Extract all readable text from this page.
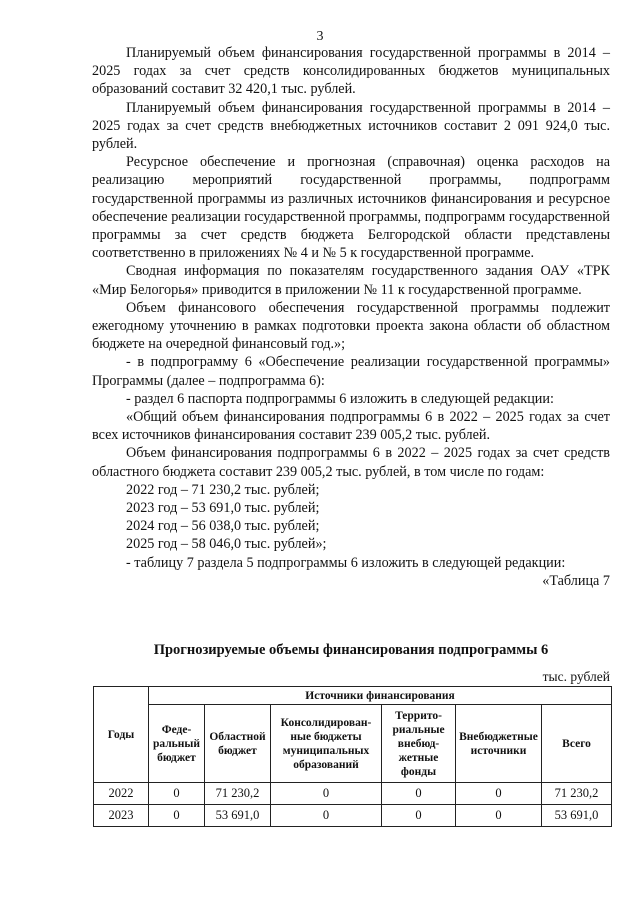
3

Планируемый объем финансирования государственной программы в 2014 – 2025 годах за счет средств консолидированных бюджетов муниципальных образований составит 32 420,1 тыс. рублей.

Планируемый объем финансирования государственной программы в 2014 – 2025 годах за счет средств внебюджетных источников составит 2 091 924,0 тыс. рублей.

Ресурсное обеспечение и прогнозная (справочная) оценка расходов на реализацию мероприятий государственной программы, подпрограмм государственной программы из различных источников финансирования и ресурсное обеспечение реализации государственной программы, подпрограмм государственной программы за счет средств бюджета Белгородской области представлены соответственно в приложениях № 4 и № 5 к государственной программе.

Сводная информация по показателям государственного задания ОАУ «ТРК «Мир Белогорья» приводится в приложении № 11 к государственной программе.

Объем финансового обеспечения государственной программы подлежит ежегодному уточнению в рамках подготовки проекта закона области об областном бюджете на очередной финансовый год.»;

- в подпрограмму 6 «Обеспечение реализации государственной программы» Программы (далее – подпрограмма 6):

- раздел 6 паспорта подпрограммы 6 изложить в следующей редакции:

«Общий объем финансирования подпрограммы 6 в 2022 – 2025 годах за счет всех источников финансирования составит 239 005,2 тыс. рублей.

Объем финансирования подпрограммы 6 в 2022 – 2025 годах за счет средств областного бюджета составит 239 005,2 тыс. рублей, в том числе по годам:

2022 год – 71 230,2 тыс. рублей;

2023 год – 53 691,0 тыс. рублей;

2024 год – 56 038,0 тыс. рублей;

2025 год – 58 046,0 тыс. рублей»;

- таблицу 7 раздела 5 подпрограммы 6 изложить в следующей редакции:

«Таблица 7

Прогнозируемые объемы финансирования подпрограммы 6

тыс. рублей

Годы	Источники финансирования					
	Феде-ральный бюджет	Областной бюджет	Консолидирован-ные бюджеты муниципальных образований	Террито-риальные внебюд-жетные фонды	Внебюджетные источники	Всего
2022	0	71 230,2	0	0	0	71 230,2
2023	0	53 691,0	0	0	0	53 691,0
